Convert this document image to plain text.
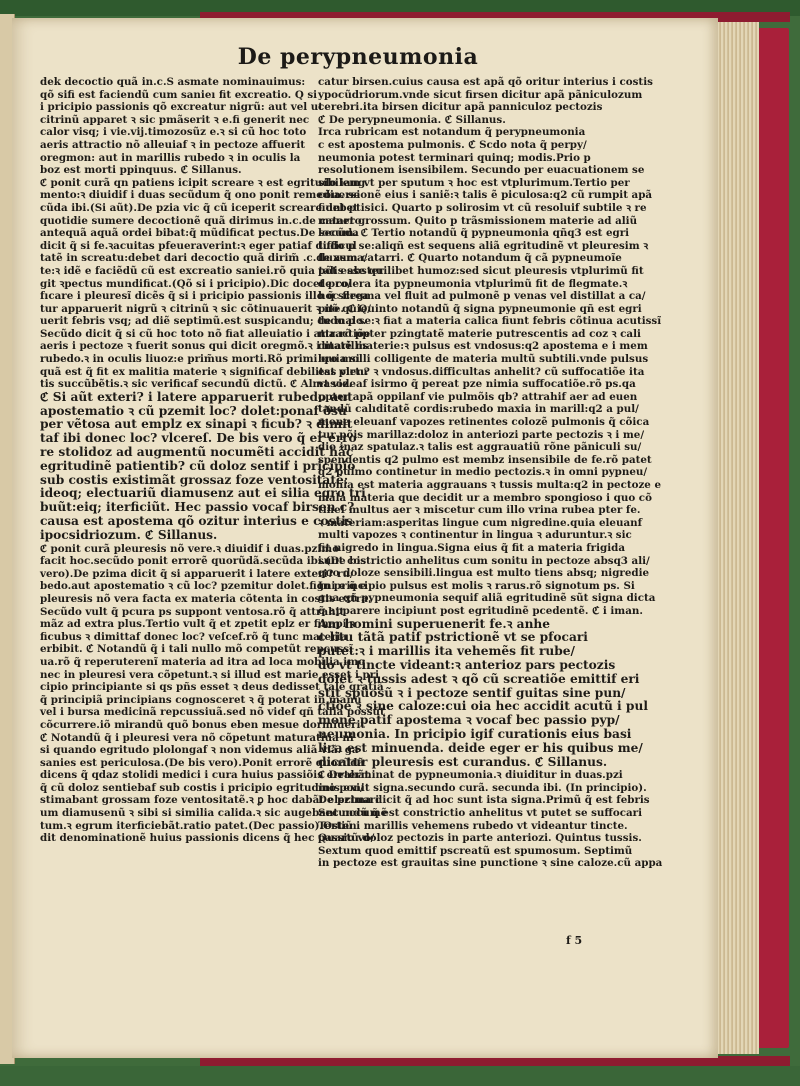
De perypneumonia
dek decoctio quã in.c.S asmate nominauimus:
qõ sifi est faciendũ cum sanieı fit excreatio. Q si
i pricipio passionis qõ excreatur nigrũ: aut vel ut
citrinũ apparet ꝛ sic pmãserit ꝛ e.fi generit nec
calor visq; i vie.vij.timozosũz e.ꝛ si cũ hoc toto
aeris attractio nõ alleuiaf ꝛ in pectoze affuerit
oregmon: aut in marillis rubedo ꝛ in oculis la
boz est morti ppinquus. ℭ Sillanus.
ℭ ponit curã qn patiens icipit screare ꝛ est egritudo iaug
mento:ꝛ diuidif i duas secũdum q̃ ono ponit remedia. se
cũda ibi.(Si aũt).De pzia vic q̃ cũ iceperit screare debet
quotidie sumere decoctionẽ quã dirimus in.c.de catarro
antequã aquã ordei bibat:q̃ mũdificat pectus.De secũda
dicit q̃ si fe.ꝛacuitas pfeueraverint:ꝛ eger patiaf difficul
tatẽ in screatu:debet dari decoctio quã dirim̃ .c.de asma/
te:ꝛ idẽ e faciẽdũ cũ est excreatio saniei.rõ quia talis abster
git ꝛpectus mundificat.(Qõ si i pricipio).Dic docet pro/
fıcare i pleuresĩ dicẽs q̃ si i pricipio passionis illo q̃ screa
tur apparuerit nigrũ ꝛ citrinũ ꝛ sic cõtinuauerit ꝛ nõ quie/
uerit febris vsq; ad diẽ septimũ.est suspicandu; de malo.
Secũdo dicit q̃ si cũ hoc toto nõ fiat alleuiatio i attractiõe
aeris i pectoze ꝛ fuerit sonus qui dicit oregmõ.ꝛ i marillis
rubedo.ꝛ in oculis liuoz:e prim̃us morti.Rõ primi quia si
quã est q̃ fit ex malitia materie ꝛ significaf debilitas virtu
tis succũbẽtis.ꝛ sic verificaf secundũ dictũ. ℭ Almasoz.
ℭ Si aũt exteri? i latere apparuerit rubedo aut
apostematio ꝛ cũ pzemit loc? dolet:ponaf ðsu
per vẽtosa aut emplz ex sinapi ꝛ ficub? ꝛ dimit
taf ibi donec loc? vlcereſ. De bis vero q̃ er erro
re stolidoz ad augmentũ nocumẽti accidit hãc
egritudinẽ patientib? cũ doloz sentif i pricipio
sub costis existimãt grossaz foze ventositatẽ:
ideoq; electuariũ diamusenz aut ei silia egro tri
buũt:eiq; iterficiũt. Hec passio vocaf birsen c?
causa est apostema qõ ozitur interius e costis
ipocsidriozum. ℭ Sillanus.
ℭ ponit curã pleuresis nõ vere.ꝛ diuidif i duas.pzimo
facit hoc.secũdo ponit errorẽ quorũdã.secũda ibi.(De bis
vero).De pzima dicit q̃ si apparuerit i latere exteri? ru/
bedo.aut apostematio ꝛ cũ loc? pzemitur dolet.figni e q̃ e
pleuresis nõ vera facta ex materia cõtenta in costis extra.
Secũdo vult q̃ pcura ps suppont ventosa.rõ q̃ attrahit
mãz ad extra plus.Tertio vult q̃ et zpetit eplz er finapi ꝛ
ficubus ꝛ dimittaf donec loc? veſcef.rõ q̃ tunc materia
erbibit. ℭ Notandũ q̃ i tali nullo mõ competũt repcussĩ
ua.rõ q̃ reperuterenĩ materia ad itra ad loca mobilia imo
nec in pleuresi vera cõpetunt.ꝛ si illud est marie esset i pri
cipio principiante si qs pñs esset ꝛ deus dedisset talẽ gratiã
q̃ principiã principians cognosceret ꝛ q̃ poterat in manu
vel i bursa medicinã repcussiuã.sed nõ videf qñ talia possũt
cõcurrere.iõ mirandũ quõ bonus eben mesue dormiuerit
ℭ Notandũ q̃ i pleuresi vera nõ cõpetunt maturatiua ni
si quando egritudo plolongaf ꝛ non videmus aliã viã. ga
sanies est periculosa.(De bis vero).Ponit errorẽ quorũdã
dicens q̃ qdaz stolidi medici i cura huius passiõis errabãt
q̃ cũ doloz sentiebaf sub costis i pricipio egritudinis exi/
stimabant grossam foze ventositatẽ.ꝛ ꝑ hoc dabãt electuari
um diamusenũ ꝛ sibi si similia calida.ꝛ sic augebant nocumẽ
tum.ꝛ egrum iterficiebãt.ratio patet.(Dec passio).Osten
dit denominationẽ huius passionis dicens q̃ hec passio vo/
catur birsen.cuius causa est apã qõ oritur interius i costis
ypocũdriorum.vnde sicut firsen dicitur apã pãniculozum
cerebri.ita birsen dicitur apã panniculoz pectozis
ℭ De perypneumonia. ℭ Sillanus.
Irca rubricam est notandum q̃ perypneumonia
c est apostema pulmonis. ℭ Scdo nota q̃ perpy/
neumonia potest terminari quinq; modis.Prio p
resolutionem isensibilem. Secundo per euacuationem se
sibilem vt per sputum ꝛ hoc est vtplurimum.Tertio per
cõuersionẽ eius i saniẽ:ꝛ talis ẽ piculosa:q2 cũ rumpit apã
fiunt ptisici. Quarto p solirosim vt cũ resoluif subtile ꝛ re
manet grossum. Quito p trãsmissionem materie ad aliũ
locum. ℭ Tertio notandũ q̃ pypneumonia qñq3 est egri
tudo p se:aliqñ est sequens aliã egritudinẽ vt pleuresim ꝛ
fluxum catarri. ℭ Quarto notandum q̃ cã pypneumoĩe
põt esse quilibet humoz:sed sicut pleuresis vtplurimũ fit
de colera ita pypneumonia vtplurimũ fit de flegmate.ꝛ
hoc flegma vel fluit ad pulmonẽ p venas vel distillat a ca/
pite. ℭ Quinto notandũ q̃ signa pypneumonie qñ est egri
tudo p se:ꝛ fiat a materia calica fiunt febris cõtinua acutissĩ
ma.rõ ppter pzingtatẽ materie putrescentis ad coz ꝛ cali
ditatẽ materie:ꝛ pulsus est vndosus:q2 apostema e i mem
bro molli colligente de materia multũ subtili.vnde pulsus
est plen? ꝛ vndosus.difficultas anhelit? cũ suffocatiõe ita
vt videaf isirmo q̃ pereat pze nimia suffocatiõe.rõ ps.qa
ppter apã oppilanf vie pulmõis qb? attrahif aer ad euen
tandũ calıditatẽ cordis:rubedo maxia in marill:q2 a pul/
mone eleuanf vapozes retinentes colozẽ pulmonis q̃ cõica
tur põis marillaz:doloz in anteriozi parte pectozis ꝛ i me/
dio inaz spatulaz.ꝛ talis est aggrauatiũ rõne pãniculi su/
spendentis q2 pulmo est membz insensibile de fe.rõ patet
q2 pulmo continetur in medio pectozis.ꝛ in omni pypneu/
monia est materia aggrauans ꝛ tussis multa:q2 in pectoze e
mala materia que decidit ur a membro spongioso i quo cõ
tineſ multus aer ꝛ miscetur cum illo vrina rubea pter fe.
ꝛ materiam:asperitas lingue cum nigredine.quia eleuanf
multi vapozes ꝛ continentur in lingua ꝛ aduruntur.ꝛ sic
fit nigredo in lingua.Signa eius q̃ fit a materia frigida
sunt costrictio anhelitus cum sonitu in pectoze absq3 ali/
quo doloze sensibili.lingua est multo tiens absq; nigredie
In principio pulsus est molis ꝛ rarus.rõ signotum ps. Si
gna qñ pypneumonia sequif aliã egritudinẽ sũt signa dicta
q̃ apparere incipiunt post egritudinẽ pcedentẽ. ℭ i iman.
Am homini superuenerit fe.ꝛ anhe
c litu tãtã patif pstrictionẽ vt se pfocari
putet:ꝛ i marillis ita vehemẽs fit rube/
do vt tincte videant:ꝛ anterioz pars pectozis
dolet ꝛ tussis adest ꝛ qõ cũ screatiõe emittif eri
stit spũosũ ꝛ i pectoze sentif guitas sine pun/
ctiõe ꝛ sine caloze:cui oia hec accidit acutũ i pul
mone patif apostema ꝛ vocaf bec passio pyp/
neumonia. In pricipio igif curationis eius basi
lica est minuenda. deide eger er his quibus me/
dicatur pleuresis est curandus. ℭ Sillanus.
ℭ Determinat de pypneumonia.ꝛ diuiditur in duas.pzi
mo ponit signa.secundo curã. secunda ibi. (In principio).
De pzima dicit q̃ ad hoc sunt ista signa.Primũ q̃ est febris
Secundũ q̃ est constrictio anhelitus vt putet se suffocari
Tertiũ i marillis vehemens rubedo vt videantur tincte.
Quartũ doloz pectozis in parte anteriozi. Quintus tussis.
Sextum quod emittif pscreatũ est spumosum. Septimũ
in pectoze est grauitas sine punctione ꝛ sine caloze.cũ appa
f 5
